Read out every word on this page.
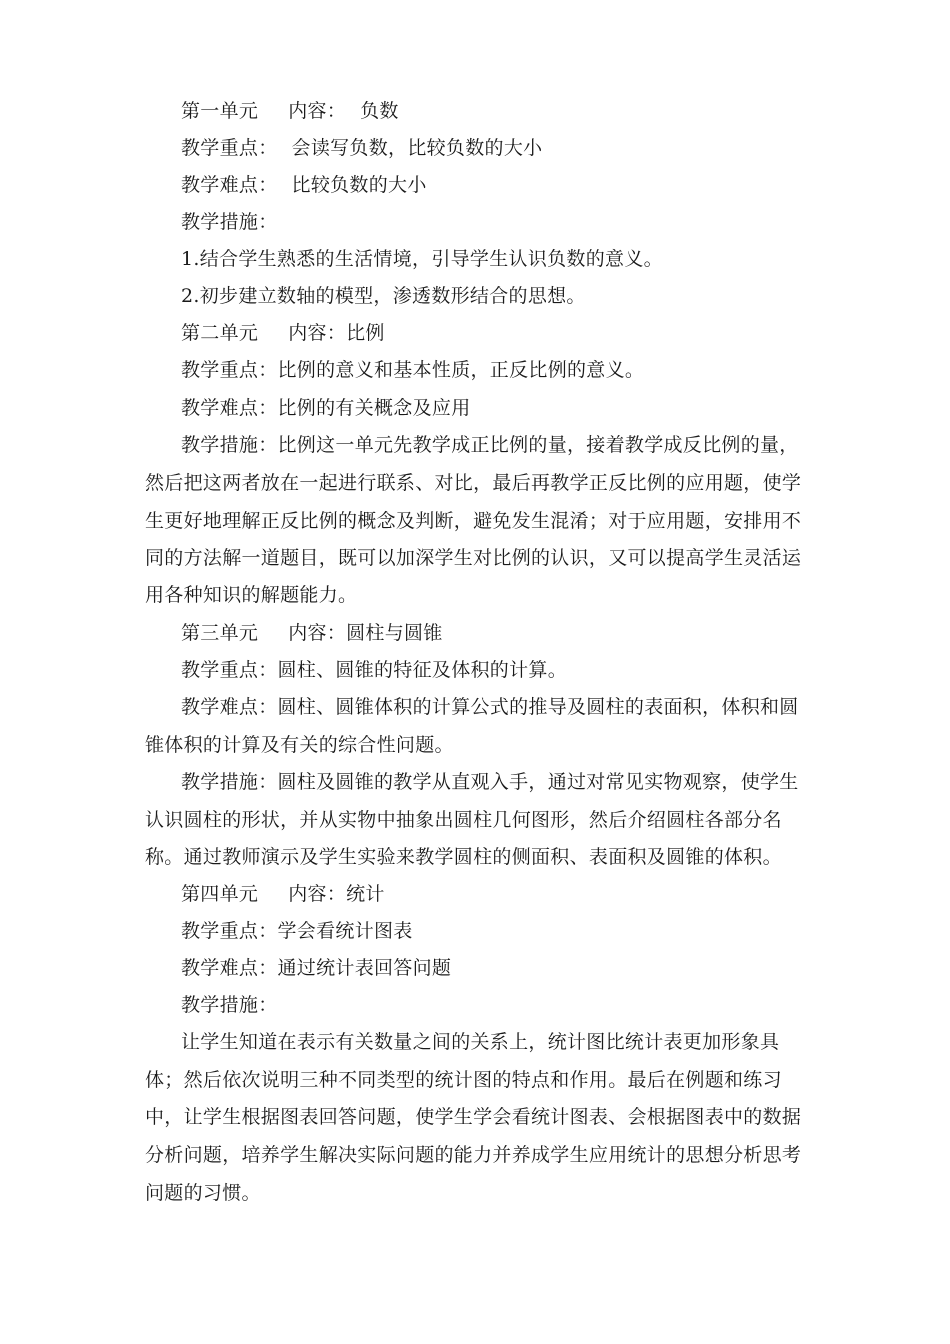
第一单元 内容： 负数
教学重点： 会读写负数，比较负数的大小
教学难点： 比较负数的大小
教学措施：
1.结合学生熟悉的生活情境，引导学生认识负数的意义。
2.初步建立数轴的模型，渗透数形结合的思想。
第二单元 内容：比例
教学重点：比例的意义和基本性质，正反比例的意义。
教学难点：比例的有关概念及应用
教学措施：比例这一单元先教学成正比例的量，接着教学成反比例的量，
然后把这两者放在一起进行联系、对比，最后再教学正反比例的应用题，使学
生更好地理解正反比例的概念及判断，避免发生混淆；对于应用题，安排用不
同的方法解一道题目，既可以加深学生对比例的认识，又可以提高学生灵活运
用各种知识的解题能力。
第三单元 内容：圆柱与圆锥
教学重点：圆柱、圆锥的特征及体积的计算。
教学难点：圆柱、圆锥体积的计算公式的推导及圆柱的表面积，体积和圆
锥体积的计算及有关的综合性问题。
教学措施：圆柱及圆锥的教学从直观入手，通过对常见实物观察，使学生
认识圆柱的形状，并从实物中抽象出圆柱几何图形，然后介绍圆柱各部分名
称。通过教师演示及学生实验来教学圆柱的侧面积、表面积及圆锥的体积。
第四单元 内容：统计
教学重点：学会看统计图表
教学难点：通过统计表回答问题
教学措施：
让学生知道在表示有关数量之间的关系上，统计图比统计表更加形象具
体；然后依次说明三种不同类型的统计图的特点和作用。最后在例题和练习
中，让学生根据图表回答问题，使学生学会看统计图表、会根据图表中的数据
分析问题，培养学生解决实际问题的能力并养成学生应用统计的思想分析思考
问题的习惯。
